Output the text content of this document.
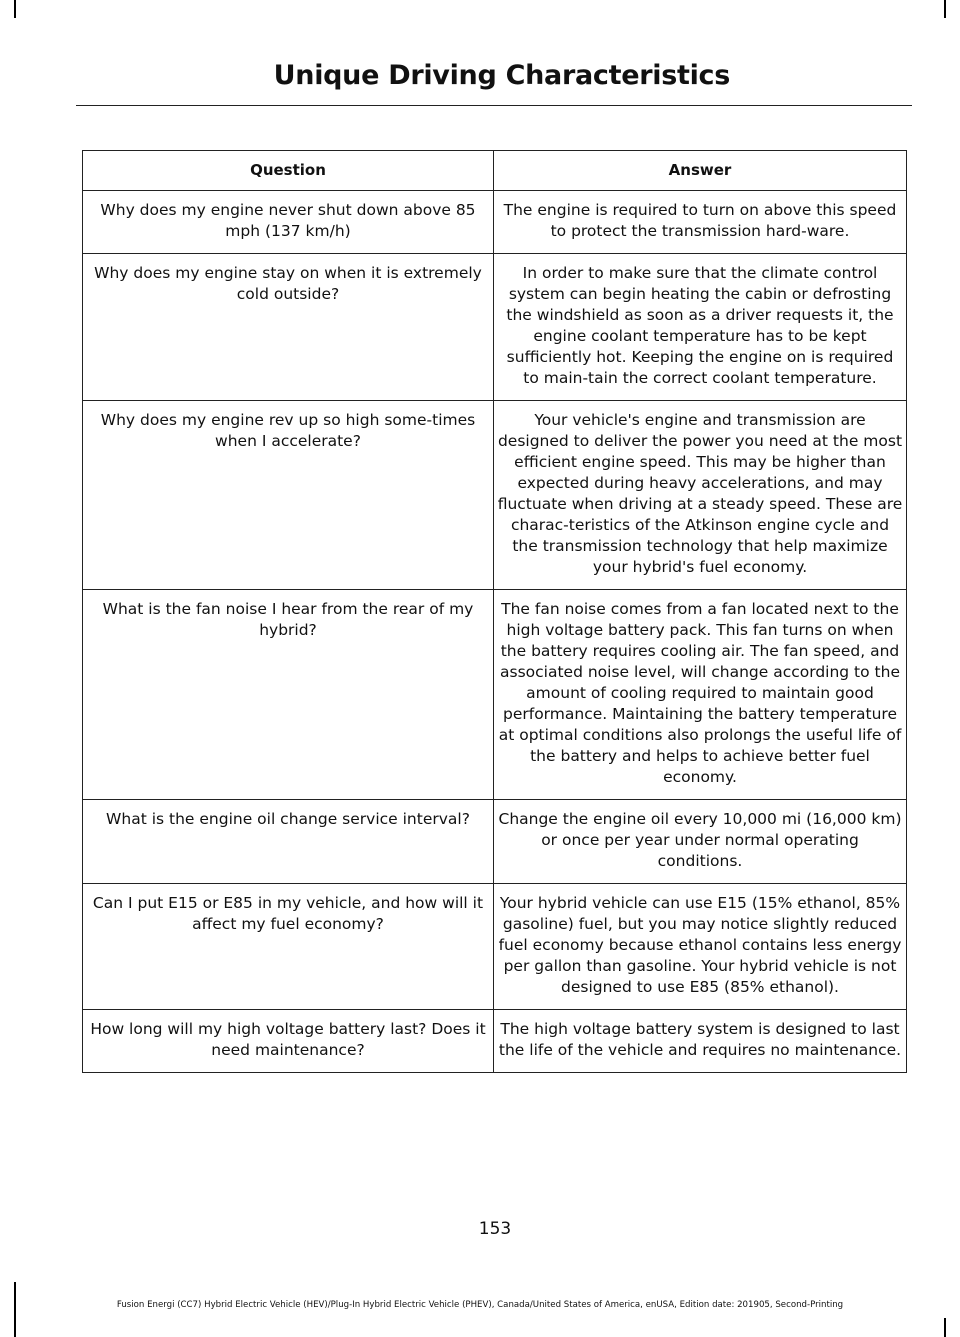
Unique Driving Characteristics
Question	Answer
Why does my engine never shut down above 85 mph (137 km/h)	The engine is required to turn on above this speed to protect the transmission hard-ware.
Why does my engine stay on when it is extremely cold outside?	In order to make sure that the climate control system can begin heating the cabin or defrosting the windshield as soon as a driver requests it, the engine coolant temperature has to be kept sufficiently hot. Keeping the engine on is required to main-tain the correct coolant temperature.
Why does my engine rev up so high some-times when I accelerate?	Your vehicle's engine and transmission are designed to deliver the power you need at the most efficient engine speed. This may be higher than expected during heavy accelerations, and may fluctuate when driving at a steady speed. These are charac-teristics of the Atkinson engine cycle and the transmission technology that help maximize your hybrid's fuel economy.
What is the fan noise I hear from the rear of my hybrid?	The fan noise comes from a fan located next to the high voltage battery pack. This fan turns on when the battery requires cooling air. The fan speed, and associated noise level, will change according to the amount of cooling required to maintain good performance. Maintaining the battery temperature at optimal conditions also prolongs the useful life of the battery and helps to achieve better fuel economy.
What is the engine oil change service interval?	Change the engine oil every 10,000 mi (16,000 km) or once per year under normal operating conditions.
Can I put E15 or E85 in my vehicle, and how will it affect my fuel economy?	Your hybrid vehicle can use E15 (15% ethanol, 85% gasoline) fuel, but you may notice slightly reduced fuel economy because ethanol contains less energy per gallon than gasoline. Your hybrid vehicle is not designed to use E85 (85% ethanol).
How long will my high voltage battery last? Does it need maintenance?	The high voltage battery system is designed to last the life of the vehicle and requires no maintenance.
153
Fusion Energi (CC7) Hybrid Electric Vehicle (HEV)/Plug-In Hybrid Electric Vehicle (PHEV), Canada/United States of America, enUSA, Edition date: 201905, Second-Printing
